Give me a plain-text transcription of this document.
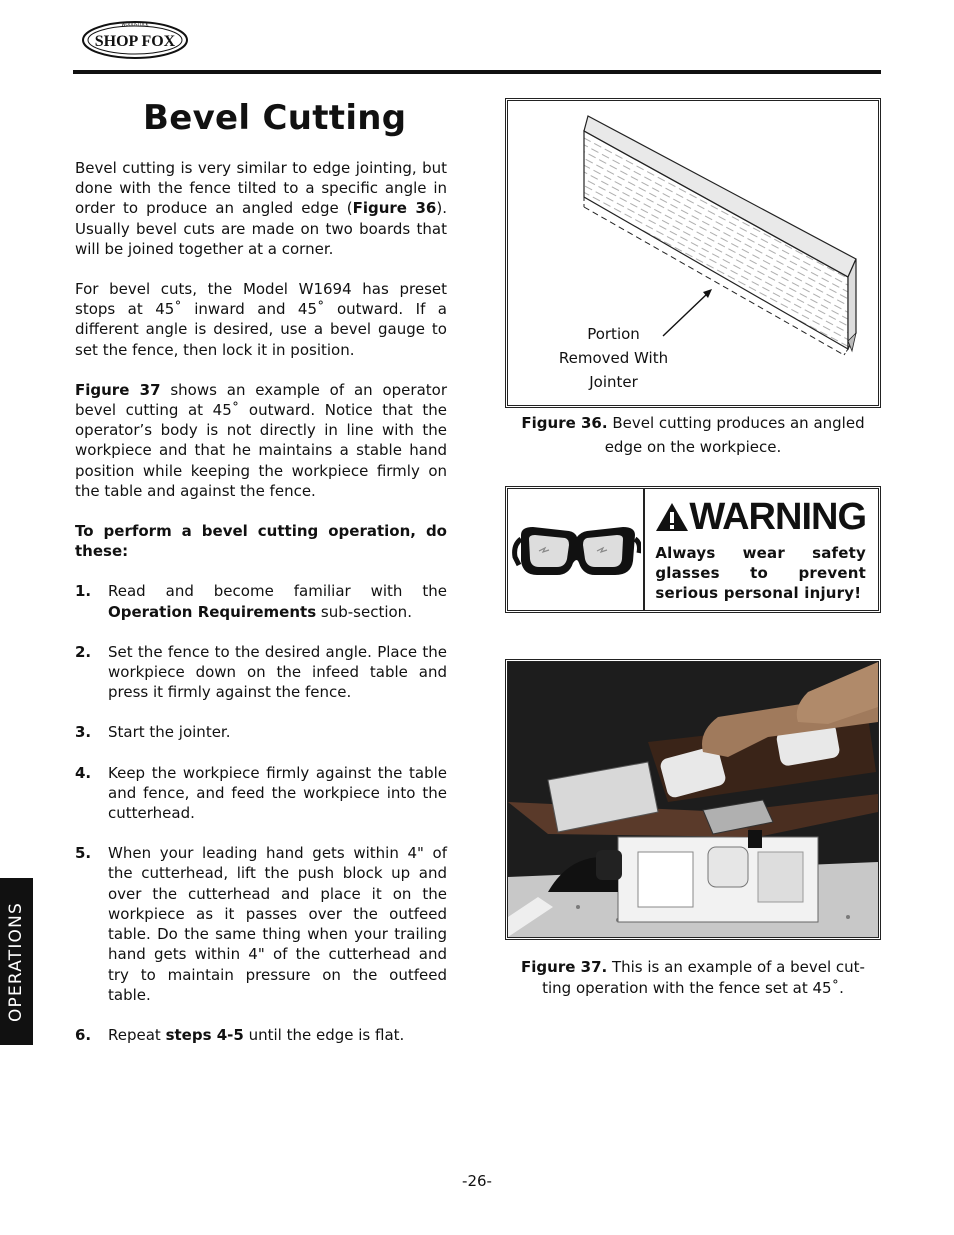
SHOP FOX
WOODSTOCK
Bevel Cutting

Bevel cutting is very similar to edge jointing, but done with the fence tilted to a specific angle in order to produce an angled edge (Figure 36). Usually bevel cuts are made on two boards that will be joined together at a corner.

For bevel cuts, the Model W1694 has preset stops at 45˚ inward and 45˚ outward. If a different angle is desired, use a bevel gauge to set the fence, then lock it in position.

Figure 37 shows an example of an operator bevel cutting at 45˚ outward. Notice that the operator’s body is not directly in line with the workpiece and that he maintains a stable hand position while keeping the workpiece firmly on the table and against the fence.

To perform a bevel cutting operation, do these:

1.	Read and become familiar with the Operation Requirements sub-section.
2.	Set the fence to the desired angle. Place the workpiece down on the infeed table and press it firmly against the fence.
3.	Start the jointer.
4.	Keep the workpiece firmly against the table and fence, and feed the workpiece into the cutterhead.
5.	When your leading hand gets within 4" of the cutterhead, lift the push block up and over the cutterhead and place it on the workpiece as it passes over the outfeed table. Do the same thing when your trailing hand gets within 4" of the cutterhead and try to maintain pressure on the outfeed table.
6.	Repeat steps 4-5 until the edge is flat.
Portion
Removed With
Jointer
Figure 36. Bevel cutting produces an angled
edge on the workpiece.
WARNING
Always wear safety glasses to prevent serious personal injury!
Figure 37. This is an example of a bevel cut-
ting operation with the fence set at 45˚.
OPERATIONS
-26-
